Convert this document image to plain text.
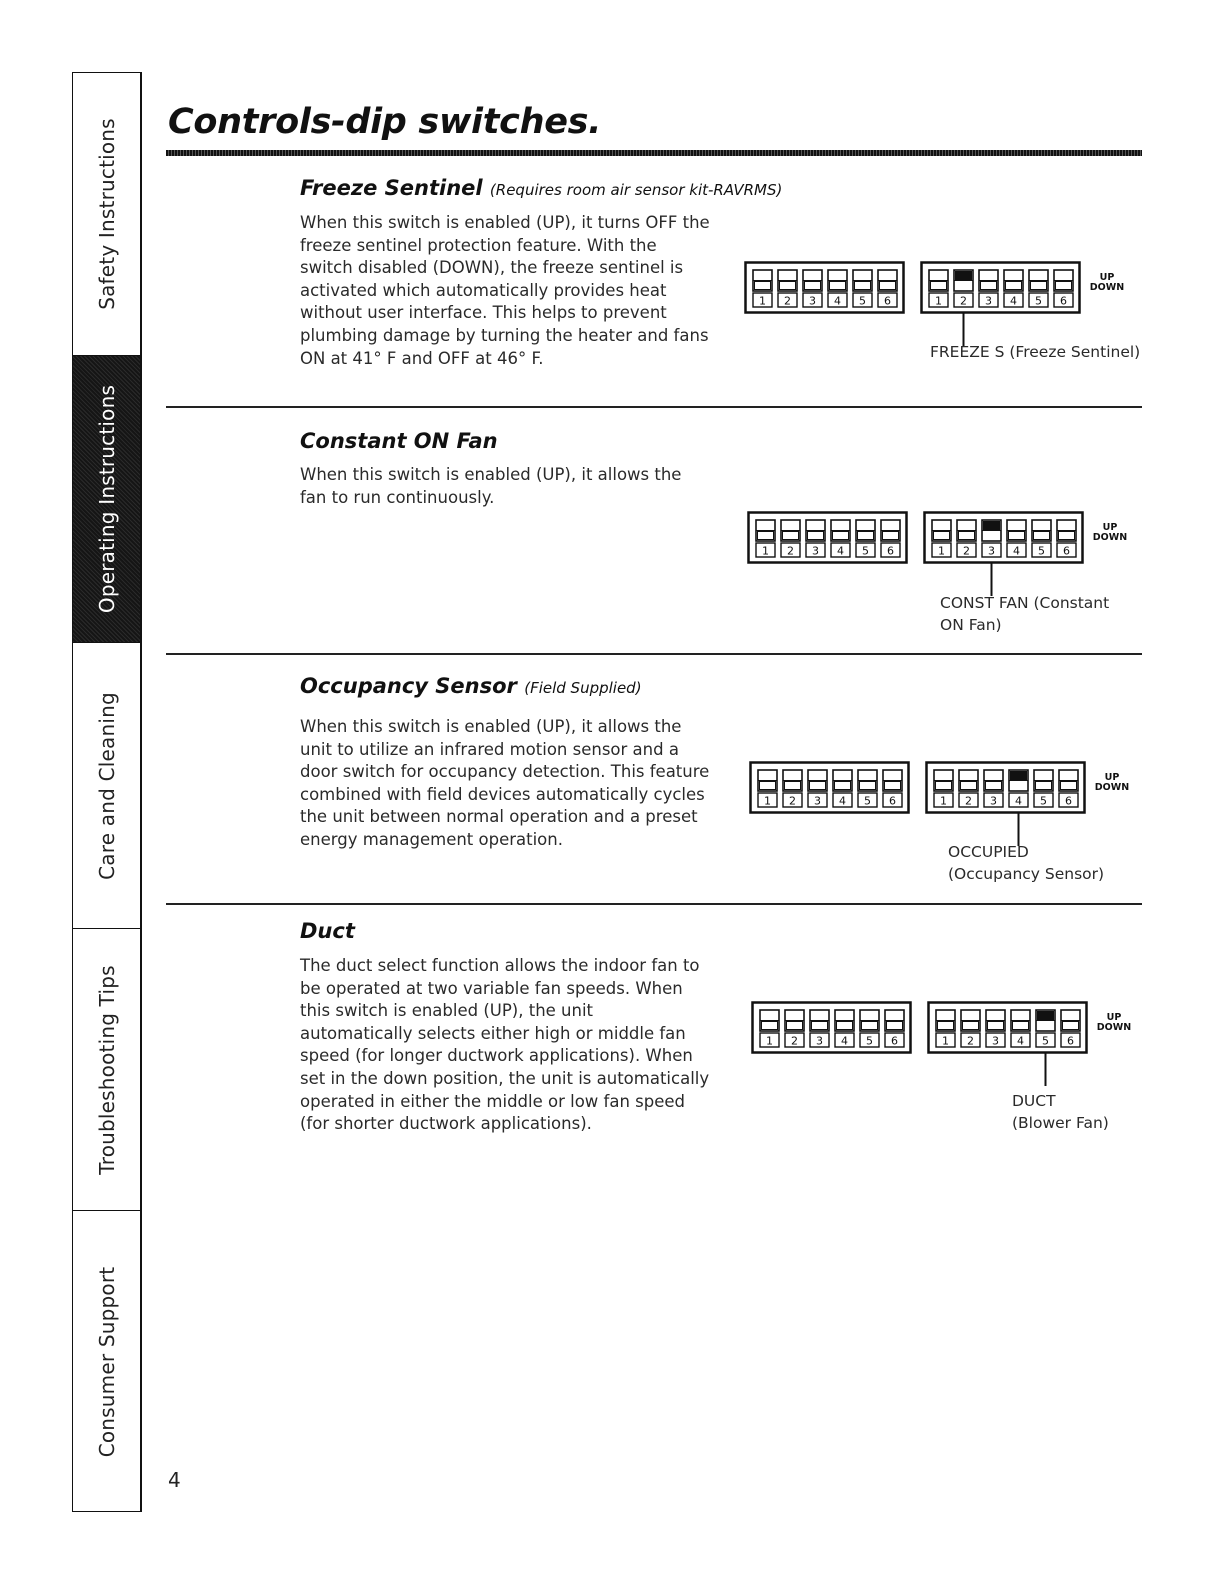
Safety Instructions
Operating Instructions
Care and Cleaning
Troubleshooting Tips
Consumer Support
Controls-dip switches.
Freeze Sentinel (Requires room air sensor kit-RAVRMS)

When this switch is enabled (UP), it turns OFF the freeze sentinel protection feature. With the switch disabled (DOWN), the freeze sentinel is activated which automatically provides heat without user interface. This helps to prevent plumbing damage by turning the heater and fans ON at 41° F and OFF at 46° F.

1 2 3 4 5 6	1 2 3 4 5 6
UP
DOWN
FREEZE S (Freeze Sentinel)
Constant ON Fan

When this switch is enabled (UP), it allows the fan to run continuously.

1 2 3 4 5 6	1 2 3 4 5 6
UP
DOWN
CONST FAN (Constant
ON Fan)
Occupancy Sensor (Field Supplied)

When this switch is enabled (UP), it allows the unit to utilize an infrared motion sensor and a door switch for occupancy detection. This feature combined with field devices automatically cycles the unit between normal operation and a preset energy management operation.

1 2 3 4 5 6	1 2 3 4 5 6
UP
DOWN
OCCUPIED
(Occupancy Sensor)
Duct

The duct select function allows the indoor fan to be operated at two variable fan speeds. When this switch is enabled (UP), the unit automatically selects either high or middle fan speed (for longer ductwork applications). When set in the down position, the unit is automatically operated in either the middle or low fan speed (for shorter ductwork applications).

1 2 3 4 5 6	1 2 3 4 5 6
UP
DOWN
DUCT
(Blower Fan)
4
